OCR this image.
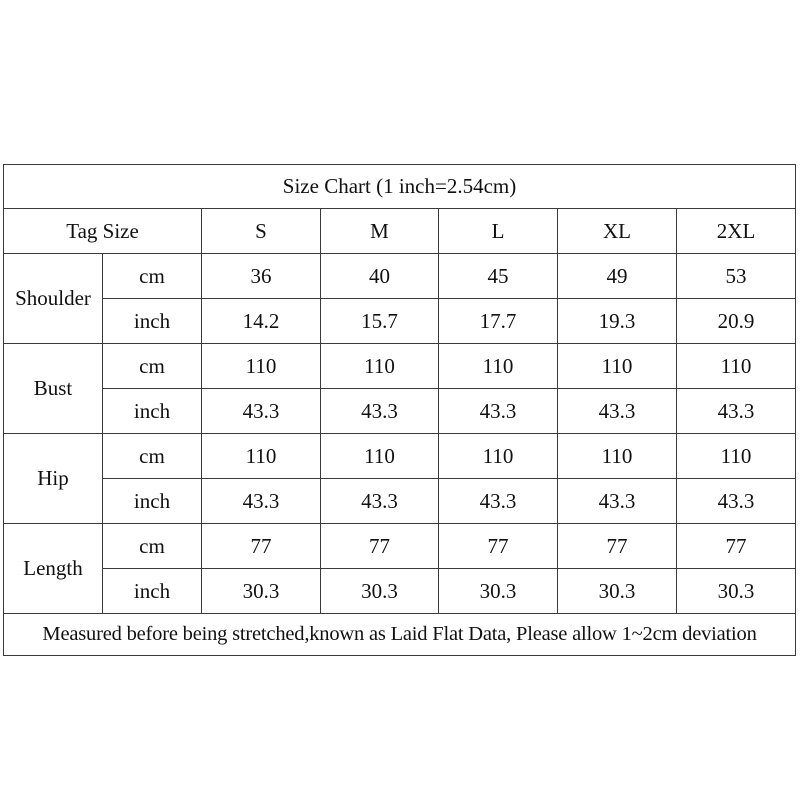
Size Chart (1 inch=2.54cm)						
Tag Size		S	M	L	XL	2XL
Shoulder	cm	36	40	45	49	53
	inch	14.2	15.7	17.7	19.3	20.9
Bust	cm	110	110	110	110	110
	inch	43.3	43.3	43.3	43.3	43.3
Hip	cm	110	110	110	110	110
	inch	43.3	43.3	43.3	43.3	43.3
Length	cm	77	77	77	77	77
	inch	30.3	30.3	30.3	30.3	30.3
Measured before being stretched,known as Laid Flat Data, Please allow 1~2cm deviation						
